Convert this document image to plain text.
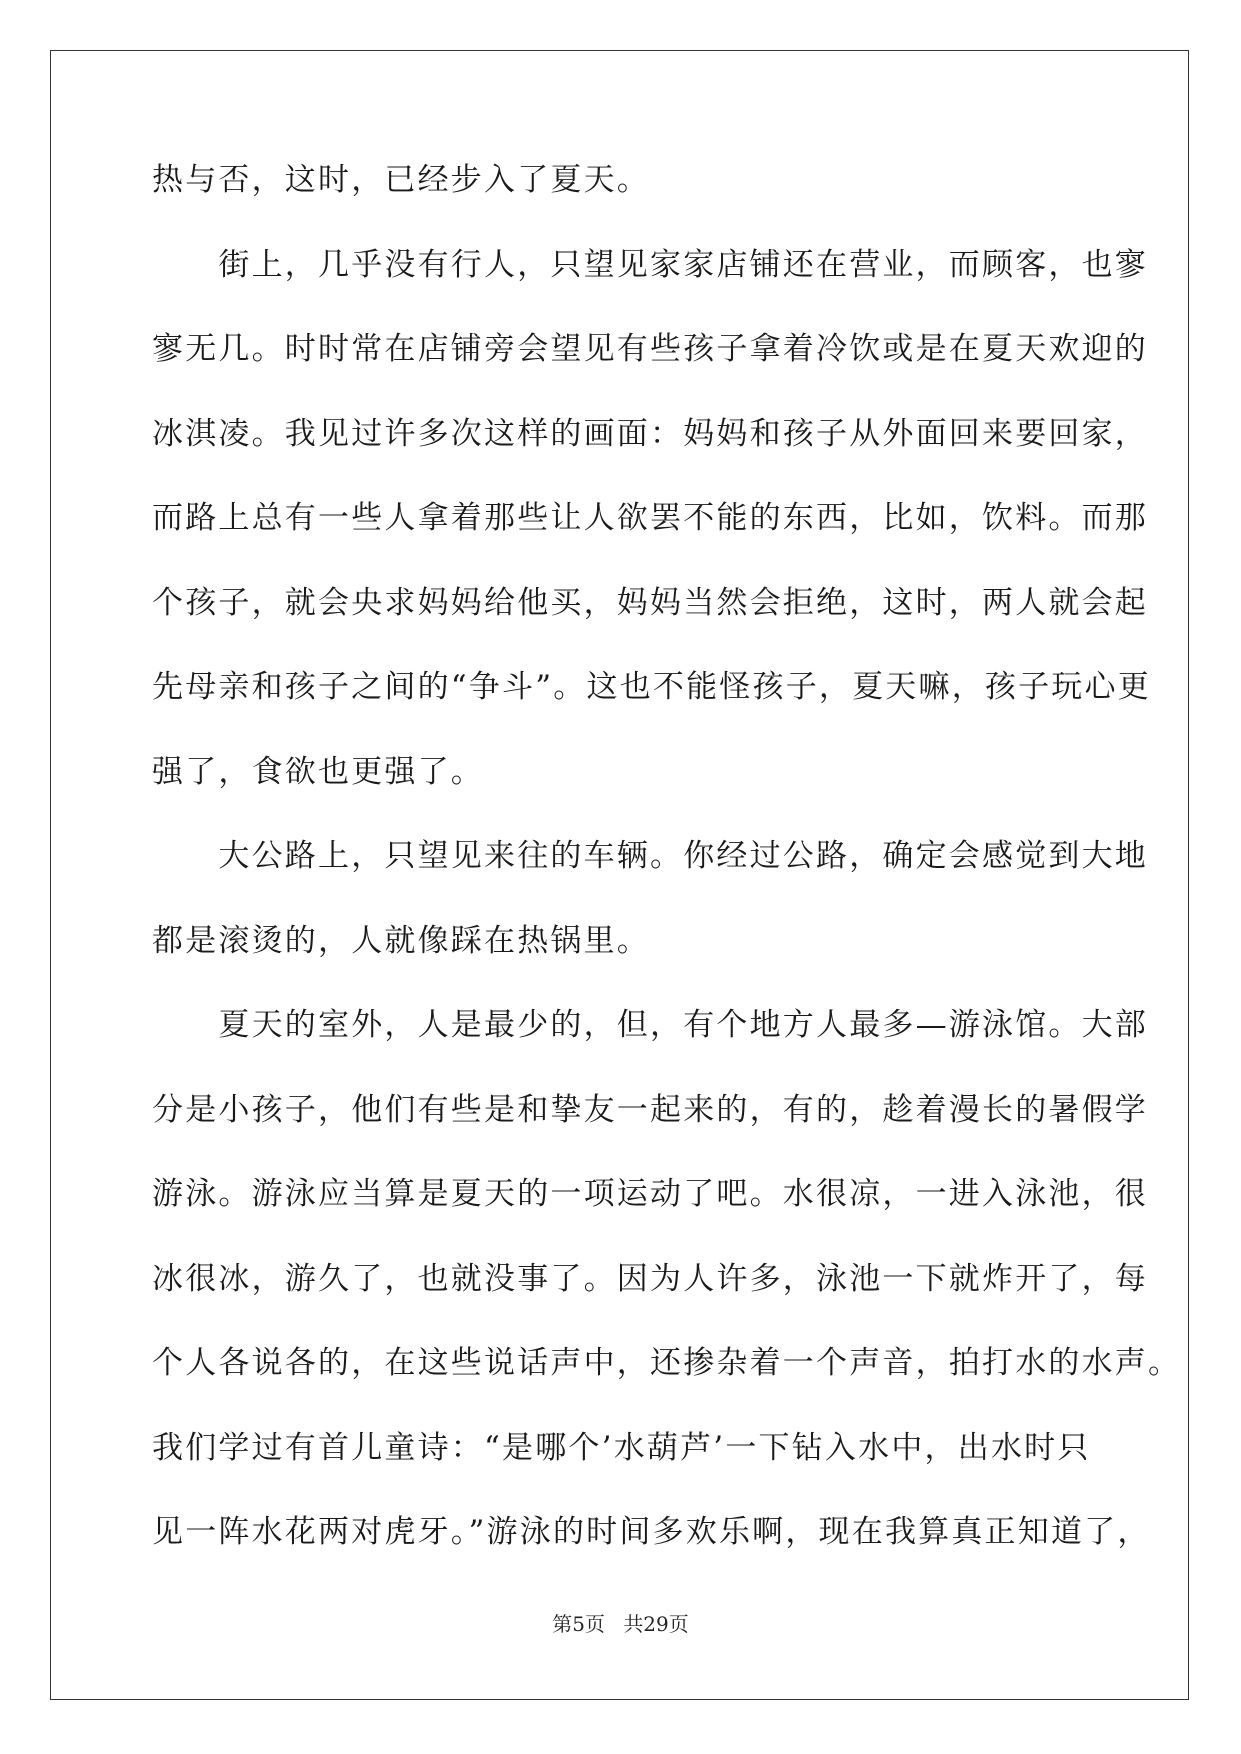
热与否，这时，已经步入了夏天。
　　街上，几乎没有行人，只望见家家店铺还在营业，而顾客，也寥
寥无几。时时常在店铺旁会望见有些孩子拿着冷饮或是在夏天欢迎的
冰淇凌。我见过许多次这样的画面：妈妈和孩子从外面回来要回家，
而路上总有一些人拿着那些让人欲罢不能的东西，比如，饮料。而那
个孩子，就会央求妈妈给他买，妈妈当然会拒绝，这时，两人就会起
先母亲和孩子之间的“争斗”。这也不能怪孩子，夏天嘛，孩子玩心更
强了，食欲也更强了。
　　大公路上，只望见来往的车辆。你经过公路，确定会感觉到大地
都是滚烫的，人就像踩在热锅里。
　　夏天的室外，人是最少的，但，有个地方人最多—游泳馆。大部
分是小孩子，他们有些是和挚友一起来的，有的，趁着漫长的暑假学
游泳。游泳应当算是夏天的一项运动了吧。水很凉，一进入泳池，很
冰很冰，游久了，也就没事了。因为人许多，泳池一下就炸开了，每
个人各说各的，在这些说话声中，还掺杂着一个声音，拍打水的水声。
我们学过有首儿童诗：“是哪个’水葫芦’一下钻入水中，出水时只
见一阵水花两对虎牙。”游泳的时间多欢乐啊，现在我算真正知道了，
第5页 共29页
